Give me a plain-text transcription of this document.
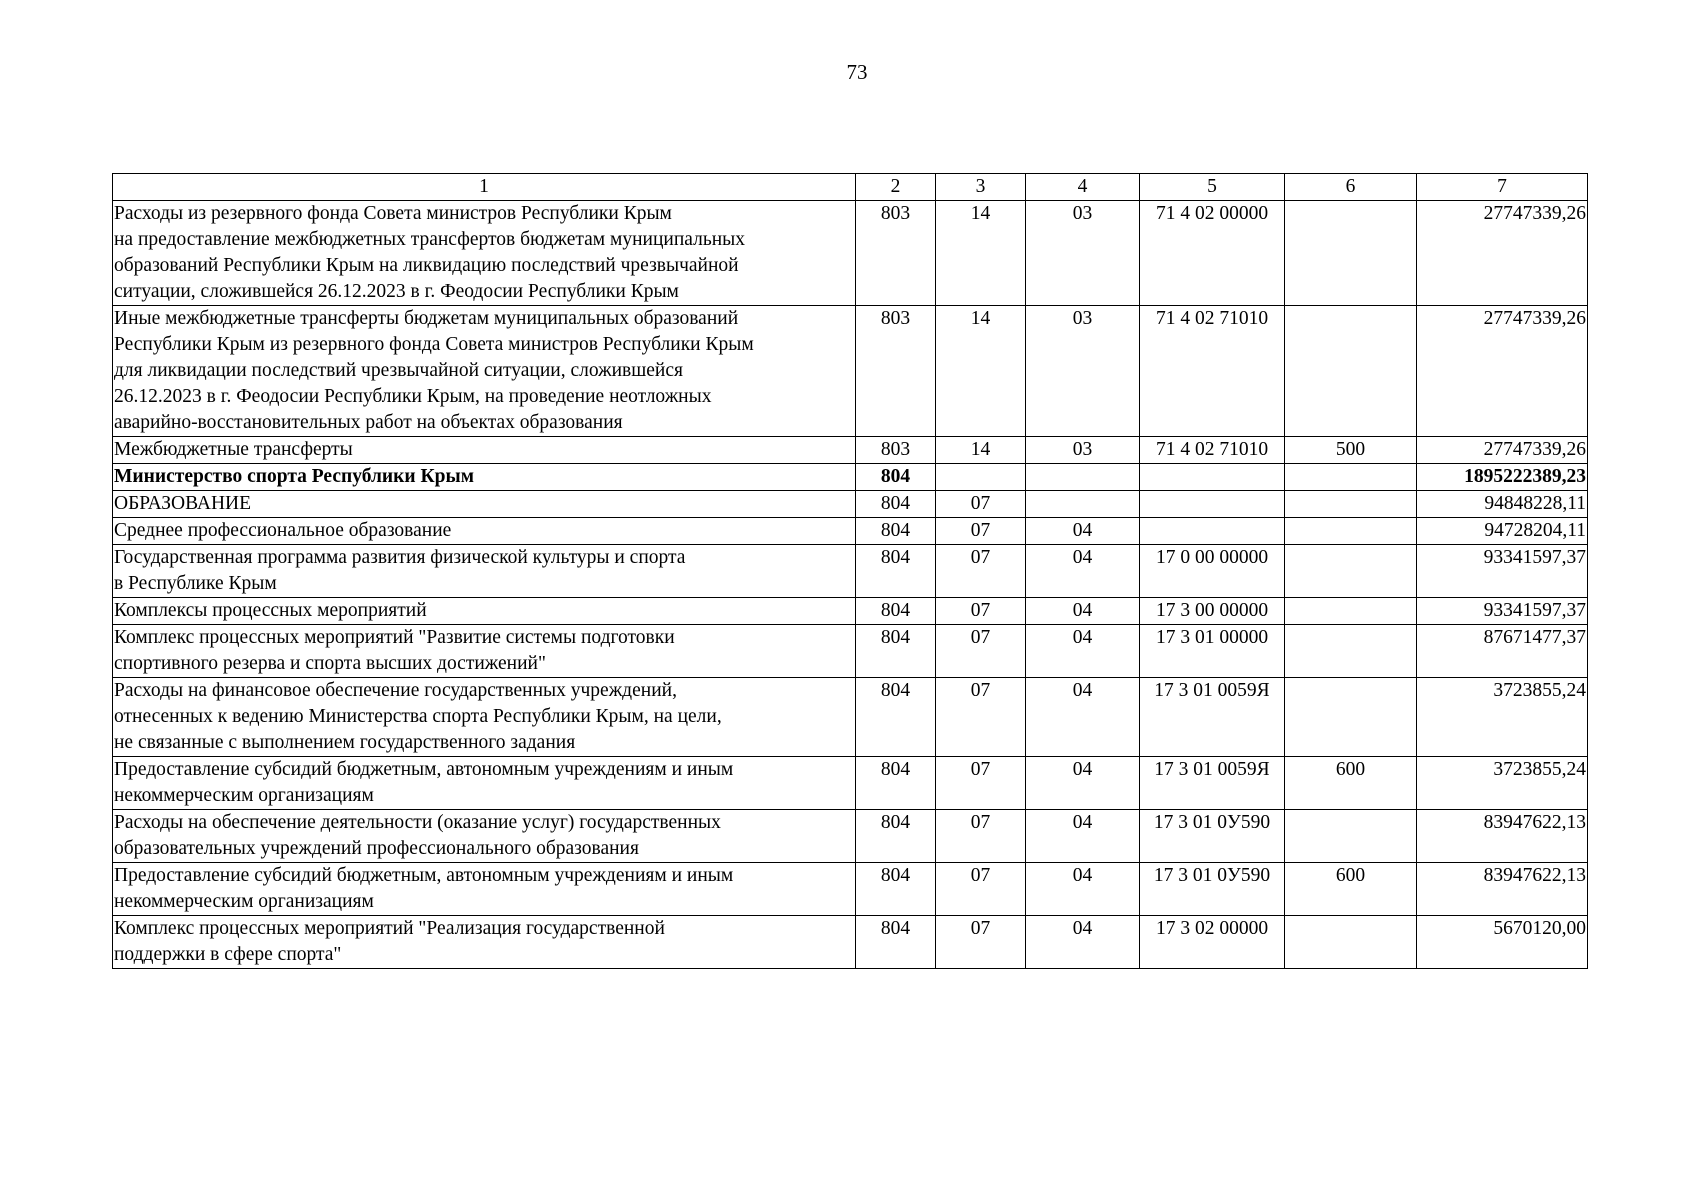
73
1	2	3	4	5	6	7
Расходы из резервного фонда Совета министров Республики Крым
на предоставление межбюджетных трансфертов бюджетам муниципальных
образований Республики Крым на ликвидацию последствий чрезвычайной
ситуации, сложившейся 26.12.2023 в г. Феодосии Республики Крым	803	14	03	71 4 02 00000		27747339,26
Иные межбюджетные трансферты бюджетам муниципальных образований
Республики Крым из резервного фонда Совета министров Республики Крым
для ликвидации последствий чрезвычайной ситуации, сложившейся
26.12.2023 в г. Феодосии Республики Крым, на проведение неотложных
аварийно-восстановительных работ на объектах образования	803	14	03	71 4 02 71010		27747339,26
Межбюджетные трансферты	803	14	03	71 4 02 71010	500	27747339,26
Министерство спорта Республики Крым	804					1895222389,23
ОБРАЗОВАНИЕ	804	07				94848228,11
Среднее профессиональное образование	804	07	04			94728204,11
Государственная программа развития физической культуры и спорта
в Республике Крым	804	07	04	17 0 00 00000		93341597,37
Комплексы процессных мероприятий	804	07	04	17 3 00 00000		93341597,37
Комплекс процессных мероприятий "Развитие системы подготовки
спортивного резерва и спорта высших достижений"	804	07	04	17 3 01 00000		87671477,37
Расходы на финансовое обеспечение государственных учреждений,
отнесенных к ведению Министерства спорта Республики Крым, на цели,
не связанные с выполнением государственного задания	804	07	04	17 3 01 0059Я		3723855,24
Предоставление субсидий бюджетным, автономным учреждениям и иным
некоммерческим организациям	804	07	04	17 3 01 0059Я	600	3723855,24
Расходы на обеспечение деятельности (оказание услуг) государственных
образовательных учреждений профессионального образования	804	07	04	17 3 01 0У590		83947622,13
Предоставление субсидий бюджетным, автономным учреждениям и иным
некоммерческим организациям	804	07	04	17 3 01 0У590	600	83947622,13
Комплекс процессных мероприятий "Реализация государственной
поддержки в сфере спорта"	804	07	04	17 3 02 00000		5670120,00
